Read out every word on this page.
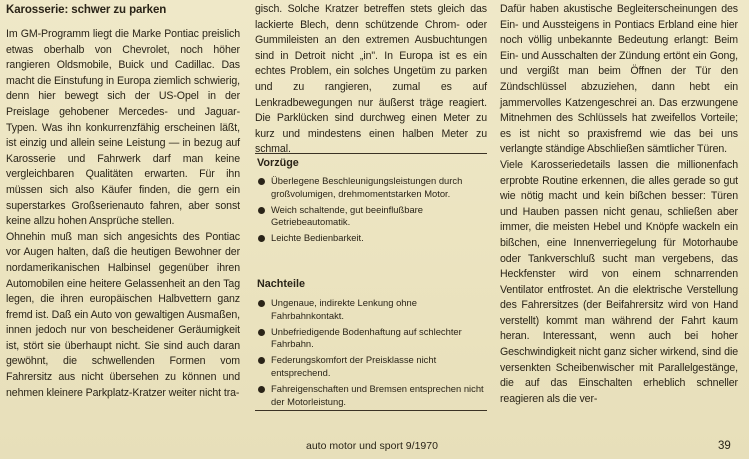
Karosserie: schwer zu parken

Im GM-Programm liegt die Marke Pontiac preislich etwas oberhalb von Chevrolet, noch höher rangieren Oldsmobile, Buick und Cadillac. Das macht die Einstufung in Europa ziemlich schwierig, denn hier bewegt sich der US-Opel in der Preislage gehobener Mercedes- und Jaguar-Typen. Was ihn konkurrenzfähig erscheinen läßt, ist einzig und allein seine Leistung — in bezug auf Karosserie und Fahrwerk darf man keine vergleichbaren Qualitäten erwarten. Für ihn müssen sich also Käufer finden, die gern ein superstarkes Großserienauto fahren, aber sonst keine allzu hohen Ansprüche stellen.

Ohnehin muß man sich angesichts des Pontiac vor Augen halten, daß die heutigen Bewohner der nordamerikanischen Halbinsel gegenüber ihren Automobilen eine heitere Gelassenheit an den Tag legen, die ihren europäischen Halbvettern ganz fremd ist. Daß ein Auto von gewaltigen Ausmaßen, innen jedoch nur von bescheidener Geräumigkeit ist, stört sie überhaupt nicht. Sie sind auch daran gewöhnt, die schwellenden Formen vom Fahrersitz aus nicht übersehen zu können und nehmen kleinere Parkplatz-Kratzer weiter nicht tra-

gisch. Solche Kratzer betreffen stets gleich das lackierte Blech, denn schützende Chrom- oder Gummileisten an den extremen Ausbuchtungen sind in Detroit nicht „in". In Europa ist es ein echtes Problem, ein solches Ungetüm zu parken und zu rangieren, zumal es auf Lenkradbewegungen nur äußerst träge reagiert. Die Parklücken sind durchweg einen Meter zu kurz und mindestens einen halben Meter zu schmal.

Vorzüge
Überlegene Beschleunigungsleistungen durch großvolumigen, drehmomentstarken Motor.
Weich schaltende, gut beeinflußbare Getriebeautomatik.
Leichte Bedienbarkeit.
Nachteile
Ungenaue, indirekte Lenkung ohne Fahrbahnkontakt.
Unbefriedigende Bodenhaftung auf schlechter Fahrbahn.
Federungskomfort der Preisklasse nicht entsprechend.
Fahreigenschaften und Bremsen entsprechen nicht der Motorleistung.

Dafür haben akustische Begleiterscheinungen des Ein- und Aussteigens in Pontiacs Erbland eine hier noch völlig unbekannte Bedeutung erlangt: Beim Ein- und Ausschalten der Zündung ertönt ein Gong, und vergißt man beim Öffnen der Tür den Zündschlüssel abzuziehen, dann hebt ein jammervolles Katzengeschrei an. Das erzwungene Mitnehmen des Schlüssels hat zweifellos Vorteile; es ist nicht so praxisfremd wie das bei uns verlangte ständige Abschließen sämtlicher Türen.

Viele Karosseriedetails lassen die millionenfach erprobte Routine erkennen, die alles gerade so gut wie nötig macht und kein bißchen besser: Türen und Hauben passen nicht genau, schließen aber immer, die meisten Hebel und Knöpfe wackeln ein bißchen, eine Innenverriegelung für Motorhaube oder Tankverschluß sucht man vergebens, das Heckfenster wird von einem schnarrenden Ventilator entfrostet. An die elektrische Verstellung des Fahrersitzes (der Beifahrersitz wird von Hand verstellt) kommt man während der Fahrt kaum heran. Interessant, wenn auch bei hoher Geschwindigkeit nicht ganz sicher wirkend, sind die versenkten Scheibenwischer mit Parallelgestänge, die auf das Einschalten erheblich schneller reagieren als die ver-

auto motor und sport 9/1970	39
